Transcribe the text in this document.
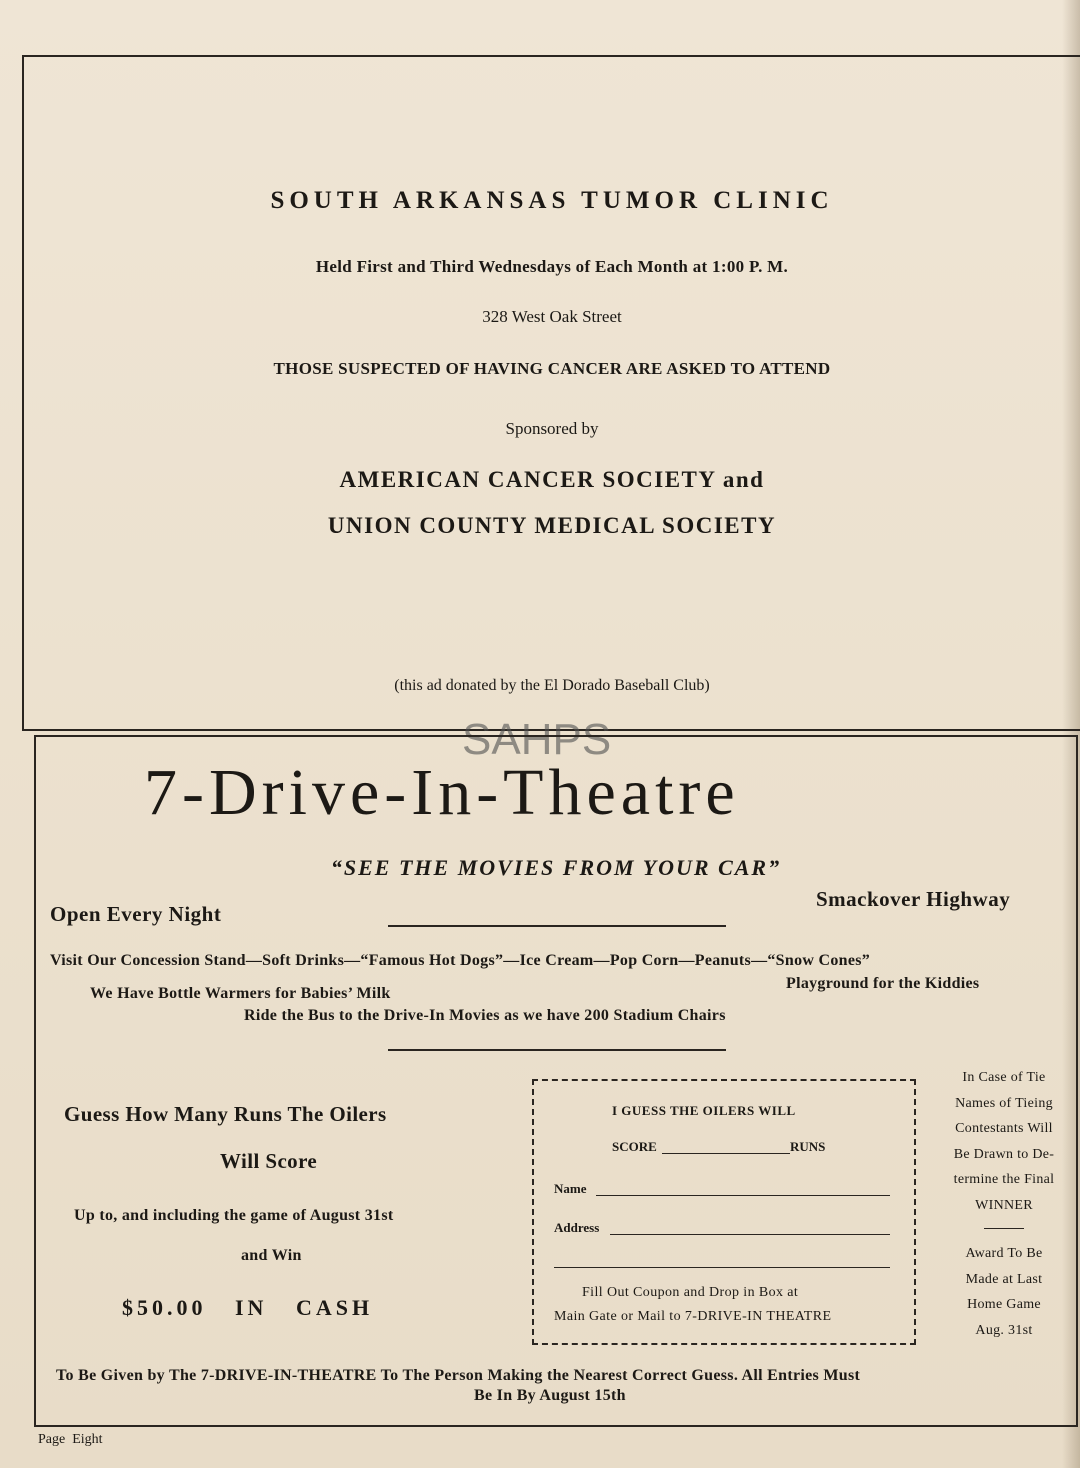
SOUTH ARKANSAS TUMOR CLINIC
Held First and Third Wednesdays of Each Month at 1:00 P. M.
328 West Oak Street
THOSE SUSPECTED OF HAVING CANCER ARE ASKED TO ATTEND
Sponsored by
AMERICAN CANCER SOCIETY and
UNION COUNTY MEDICAL SOCIETY
(this ad donated by the El Dorado Baseball Club)
SAHPS
7-Drive-In-Theatre
“SEE THE MOVIES FROM YOUR CAR”
Open Every Night
Smackover Highway
Visit Our Concession Stand—Soft Drinks—“Famous Hot Dogs”—Ice Cream—Pop Corn—Peanuts—“Snow Cones”
We Have Bottle Warmers for Babies’ Milk
Playground for the Kiddies
Ride the Bus to the Drive-In Movies as we have 200 Stadium Chairs
Guess How Many Runs The Oilers
Will Score
Up to, and including the game of August 31st
and Win
$50.00   IN   CASH
I GUESS THE OILERS WILL
SCORE	RUNS
Name
Address
Fill Out Coupon and Drop in Box at
Main Gate or Mail to 7-DRIVE-IN THEATRE
In Case of Tie
Names of Tieing
Contestants Will
Be Drawn to De-
termine the Final
WINNER
Award To Be
Made at Last
Home Game
Aug. 31st
To Be Given by The 7-DRIVE-IN-THEATRE To The Person Making the Nearest Correct Guess. All Entries Must
Be In By August 15th
Page  Eight
